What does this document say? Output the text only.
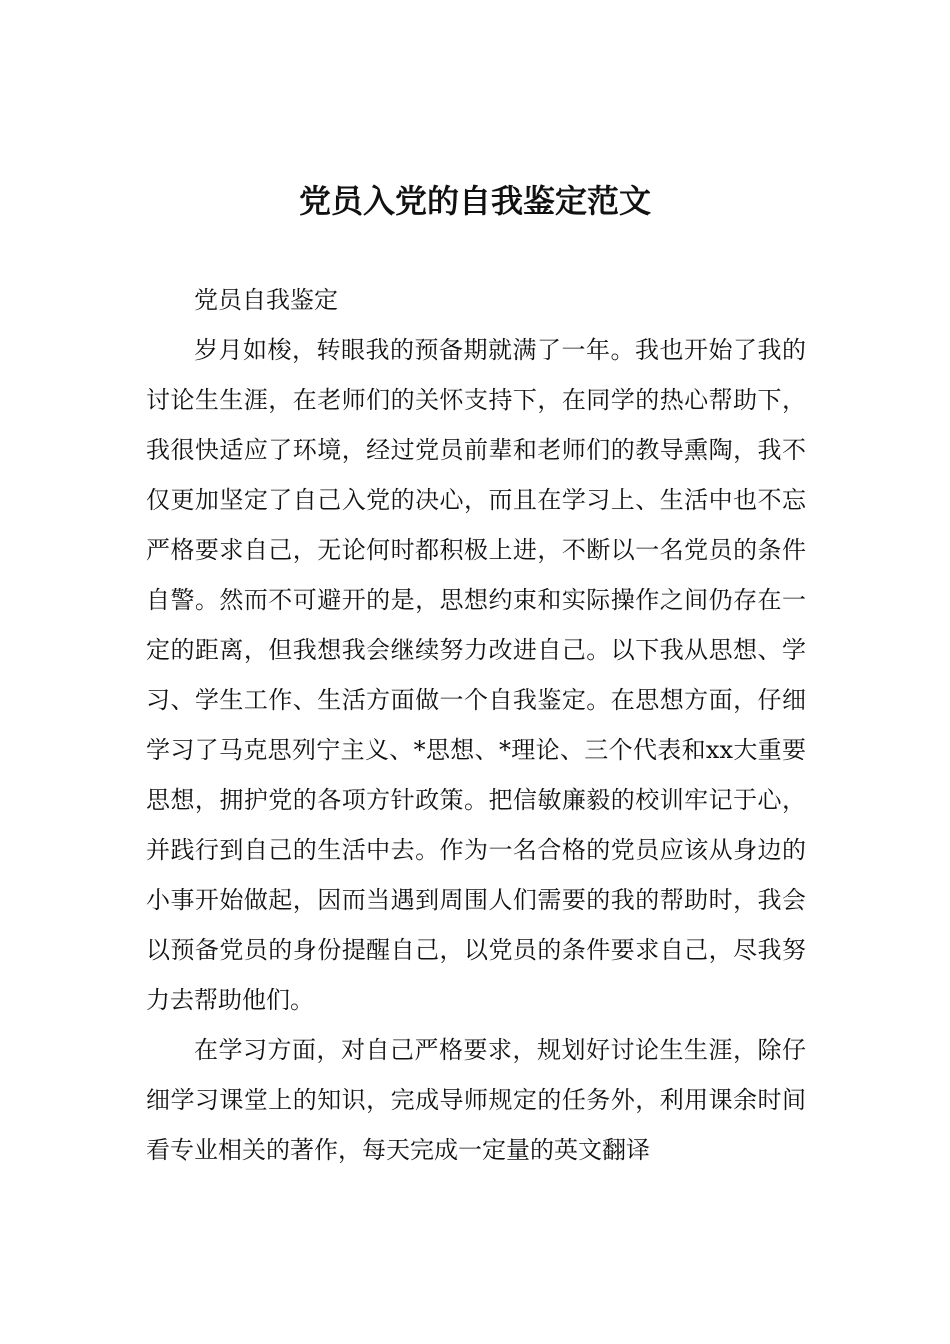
党员入党的自我鉴定范文

党员自我鉴定

岁月如梭，转眼我的预备期就满了一年。我也开始了我的讨论生生涯，在老师们的关怀支持下，在同学的热心帮助下，我很快适应了环境，经过党员前辈和老师们的教导熏陶，我不仅更加坚定了自己入党的决心，而且在学习上、生活中也不忘严格要求自己，无论何时都积极上进，不断以一名党员的条件自警。然而不可避开的是，思想约束和实际操作之间仍存在一定的距离，但我想我会继续努力改进自己。以下我从思想、学习、学生工作、生活方面做一个自我鉴定。在思想方面，仔细学习了马克思列宁主义、*思想、*理论、三个代表和xx大重要思想，拥护党的各项方针政策。把信敏廉毅的校训牢记于心，并践行到自己的生活中去。作为一名合格的党员应该从身边的小事开始做起，因而当遇到周围人们需要的我的帮助时，我会以预备党员的身份提醒自己，以党员的条件要求自己，尽我努力去帮助他们。

在学习方面，对自己严格要求，规划好讨论生生涯，除仔细学习课堂上的知识，完成导师规定的任务外，利用课余时间看专业相关的著作，每天完成一定量的英文翻译
